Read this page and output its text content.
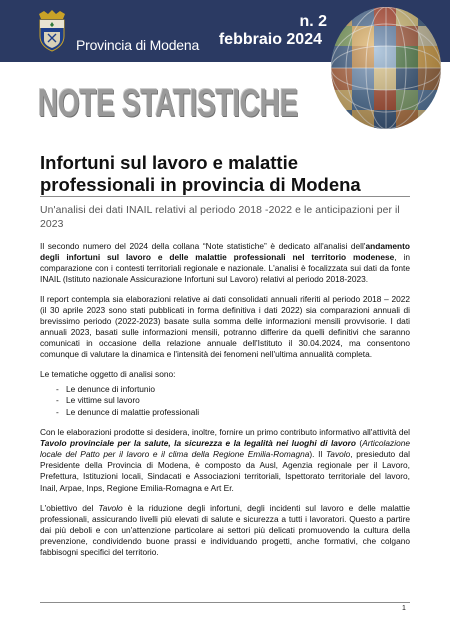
Provincia di Modena
n. 2
febbraio 2024
NOTE STATISTICHE
Infortuni sul lavoro e malattie professionali in provincia di Modena
Un'analisi dei dati INAIL relativi al periodo 2018 -2022 e le anticipazioni per il 2023

Il secondo numero del 2024 della collana “Note statistiche” è dedicato all'analisi dell'andamento degli infortuni sul lavoro e delle malattie professionali nel territorio modenese, in comparazione con i contesti territoriali regionale e nazionale. L'analisi è focalizzata sui dati da fonte INAIL (Istituto nazionale Assicurazione Infortuni sul Lavoro) relativi al periodo 2018-2023.

Il report contempla sia elaborazioni relative ai dati consolidati annuali riferiti al periodo 2018 – 2022 (il 30 aprile 2023 sono stati pubblicati in forma definitiva i dati 2022) sia comparazioni annuali di brevissimo periodo (2022-2023) basate sulla somma delle informazioni mensili provvisorie. I dati annuali 2023, basati sulle informazioni mensili, potranno differire da quelli definitivi che saranno comunicati in occasione della relazione annuale dell'Istituto il 30.04.2024, ma consentono comunque di valutare la dinamica e l'intensità dei fenomeni nell'ultima annualità completa.

Le tematiche oggetto di analisi sono:

- Le denunce di infortunio
- Le vittime sul lavoro
- Le denunce di malattie professionali

Con le elaborazioni prodotte si desidera, inoltre, fornire un primo contributo informativo all'attività del Tavolo provinciale per la salute, la sicurezza e la legalità nei luoghi di lavoro (Articolazione locale del Patto per il lavoro e il clima della Regione Emilia-Romagna). Il Tavolo, presieduto dal Presidente della Provincia di Modena, è composto da Ausl, Agenzia regionale per il Lavoro, Prefettura, Istituzioni locali, Sindacati e Associazioni territoriali, Ispettorato territoriale del lavoro, Inail, Arpae, Inps, Regione Emilia-Romagna e Art Er.

L'obiettivo del Tavolo è la riduzione degli infortuni, degli incidenti sul lavoro e delle malattie professionali, assicurando livelli più elevati di salute e sicurezza a tutti i lavoratori. Questo a partire dai più deboli e con un'attenzione particolare ai settori più delicati promuovendo la cultura della prevenzione, condividendo buone prassi e individuando progetti, anche formativi, che colgano fabbisogni specifici del territorio.

1
